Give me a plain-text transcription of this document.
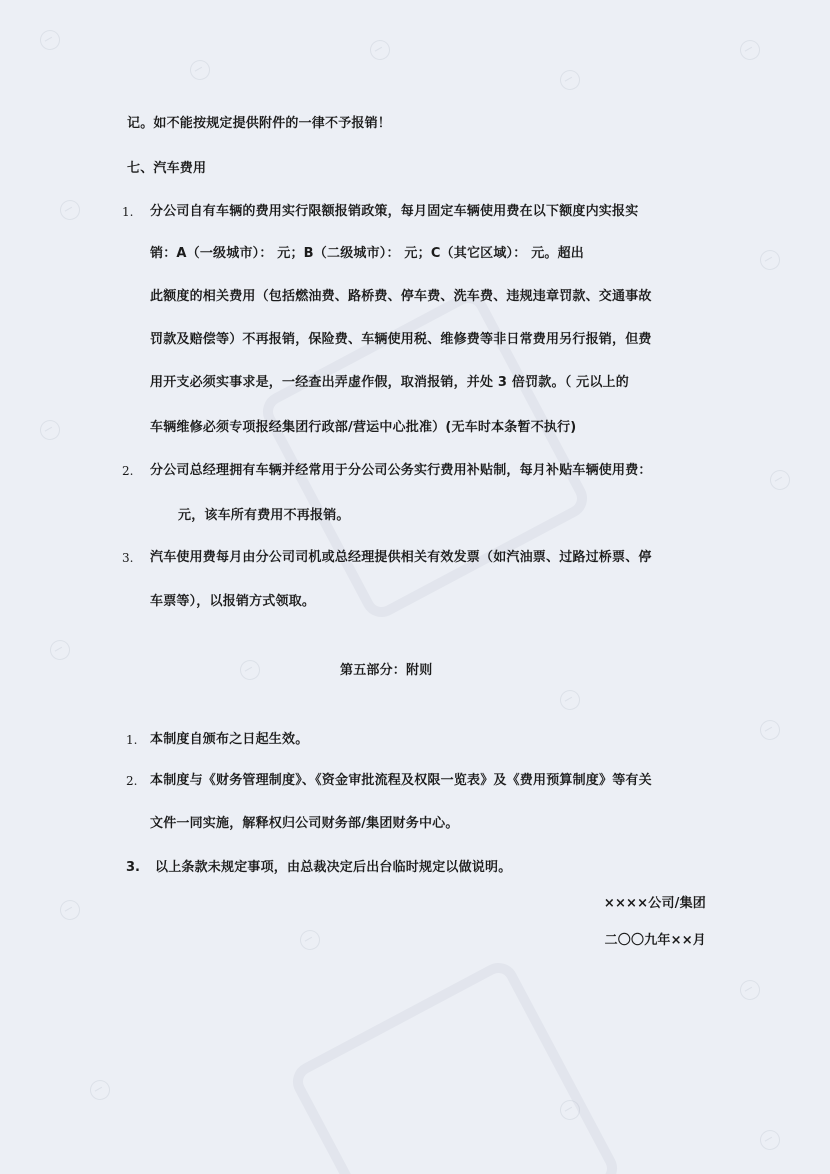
记。如不能按规定提供附件的一律不予报销！
七、汽车费用
1. 分公司自有车辆的费用实行限额报销政策，每月固定车辆使用费在以下额度内实报实
销：A（一级城市）： 元；B（二级城市）： 元；C（其它区域）： 元。超出
此额度的相关费用（包括燃油费、路桥费、停车费、洗车费、违规违章罚款、交通事故
罚款及赔偿等）不再报销，保险费、车辆使用税、维修费等非日常费用另行报销，但费
用开支必须实事求是，一经查出弄虚作假，取消报销，并处 3 倍罚款。（ 元以上的
车辆维修必须专项报经集团行政部/营运中心批准）(无车时本条暂不执行)
2. 分公司总经理拥有车辆并经常用于分公司公务实行费用补贴制，每月补贴车辆使用费：
元，该车所有费用不再报销。
3. 汽车使用费每月由分公司司机或总经理提供相关有效发票（如汽油票、过路过桥票、停
车票等），以报销方式领取。
第五部分：附则
1. 本制度自颁布之日起生效。
2. 本制度与《财务管理制度》、《资金审批流程及权限一览表》及《费用预算制度》等有关
文件一同实施，解释权归公司财务部/集团财务中心。
3. 以上条款未规定事项，由总裁决定后出台临时规定以做说明。
××××公司/集团
二〇〇九年××月
